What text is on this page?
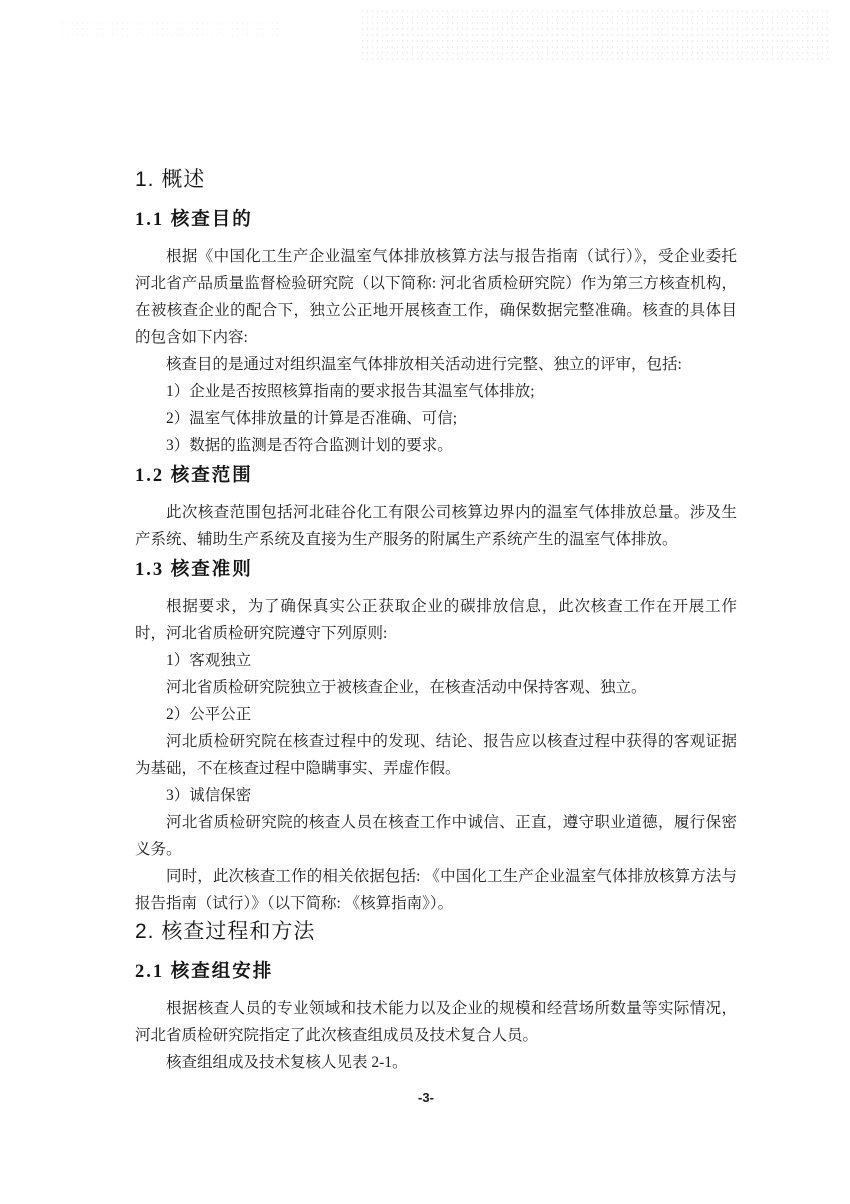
1. 概述
1.1 核查目的

根据《中国化工生产企业温室气体排放核算方法与报告指南（试行）》，受企业委托河北省产品质量监督检验研究院（以下简称: 河北省质检研究院）作为第三方核查机构，在被核查企业的配合下，独立公正地开展核查工作，确保数据完整准确。核查的具体目的包含如下内容:

核查目的是通过对组织温室气体排放相关活动进行完整、独立的评审，包括:

1）企业是否按照核算指南的要求报告其温室气体排放;

2）温室气体排放量的计算是否准确、可信;

3）数据的监测是否符合监测计划的要求。

1.2 核查范围

此次核查范围包括河北硅谷化工有限公司核算边界内的温室气体排放总量。涉及生产系统、辅助生产系统及直接为生产服务的附属生产系统产生的温室气体排放。

1.3 核查准则

根据要求，为了确保真实公正获取企业的碳排放信息，此次核查工作在开展工作时，河北省质检研究院遵守下列原则:

1）客观独立

河北省质检研究院独立于被核查企业，在核查活动中保持客观、独立。

2）公平公正

河北质检研究院在核查过程中的发现、结论、报告应以核查过程中获得的客观证据为基础，不在核查过程中隐瞒事实、弄虚作假。

3）诚信保密

河北省质检研究院的核查人员在核查工作中诚信、正直，遵守职业道德，履行保密义务。

同时，此次核查工作的相关依据包括: 《中国化工生产企业温室气体排放核算方法与报告指南（试行）》（以下简称: 《核算指南》）。

2. 核查过程和方法
2.1 核查组安排

根据核查人员的专业领域和技术能力以及企业的规模和经营场所数量等实际情况，河北省质检研究院指定了此次核查组成员及技术复合人员。

核查组组成及技术复核人见表 2-1。

-3-
